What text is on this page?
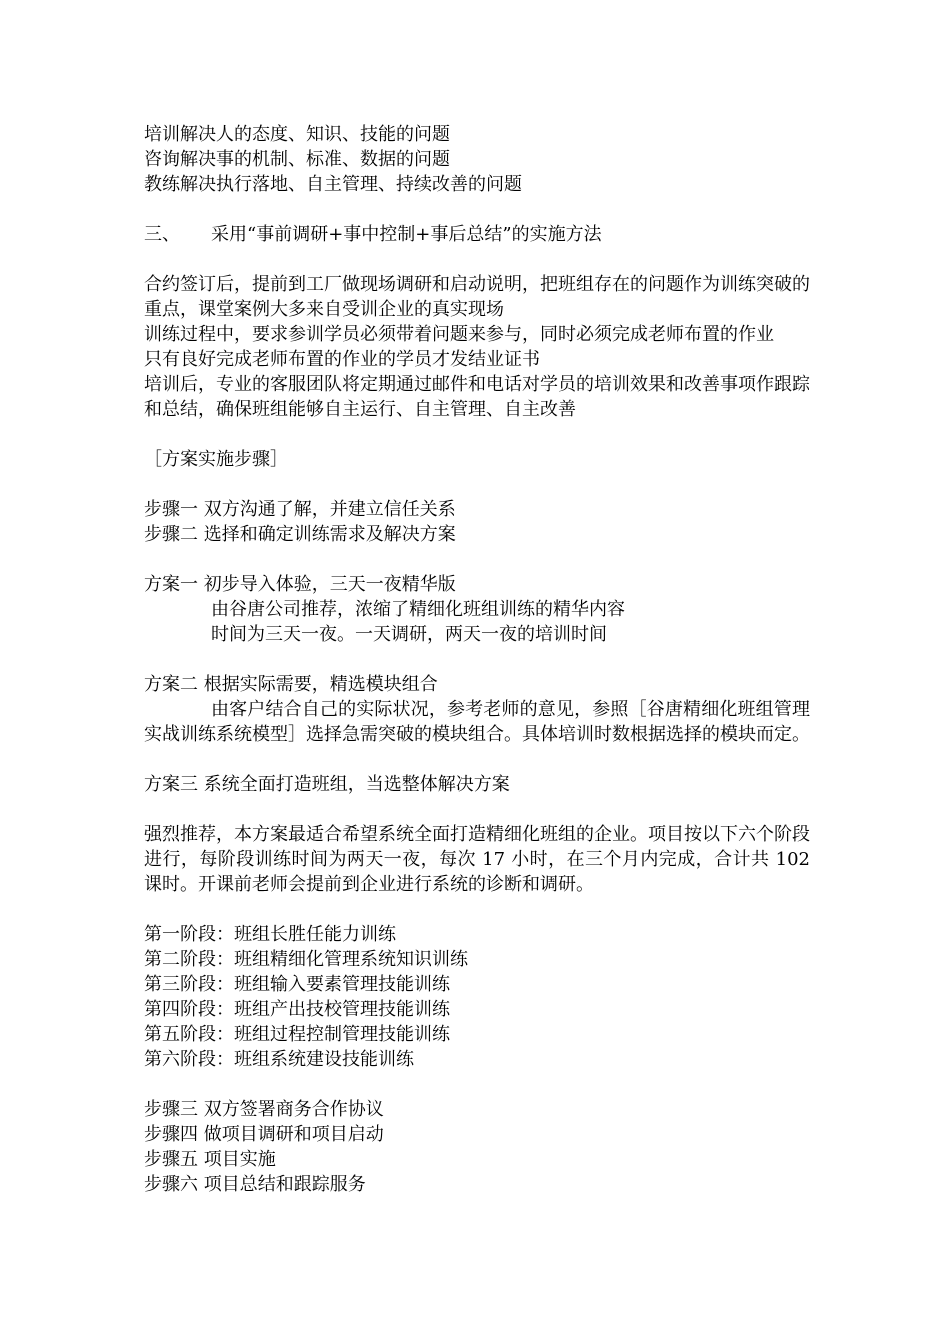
培训解决人的态度、知识、技能的问题
咨询解决事的机制、标准、数据的问题
教练解决执行落地、自主管理、持续改善的问题
三、 采用“事前调研+事中控制+事后总结”的实施方法
合约签订后，提前到工厂做现场调研和启动说明，把班组存在的问题作为训练突破的重点，课堂案例大多来自受训企业的真实现场
训练过程中，要求参训学员必须带着问题来参与，同时必须完成老师布置的作业
只有良好完成老师布置的作业的学员才发结业证书
培训后，专业的客服团队将定期通过邮件和电话对学员的培训效果和改善事项作跟踪和总结，确保班组能够自主运行、自主管理、自主改善
［方案实施步骤］
步骤一 双方沟通了解，并建立信任关系
步骤二 选择和确定训练需求及解决方案
方案一 初步导入体验，三天一夜精华版
由谷唐公司推荐，浓缩了精细化班组训练的精华内容
时间为三天一夜。一天调研，两天一夜的培训时间
方案二 根据实际需要，精选模块组合
由客户结合自己的实际状况，参考老师的意见，参照［谷唐精细化班组管理实战训练系统模型］选择急需突破的模块组合。具体培训时数根据选择的模块而定。
方案三 系统全面打造班组，当选整体解决方案
强烈推荐，本方案最适合希望系统全面打造精细化班组的企业。项目按以下六个阶段进行，每阶段训练时间为两天一夜，每次 17 小时，在三个月内完成，合计共 102 课时。开课前老师会提前到企业进行系统的诊断和调研。
第一阶段：班组长胜任能力训练
第二阶段：班组精细化管理系统知识训练
第三阶段：班组输入要素管理技能训练
第四阶段：班组产出技校管理技能训练
第五阶段：班组过程控制管理技能训练
第六阶段：班组系统建设技能训练
步骤三 双方签署商务合作协议
步骤四 做项目调研和项目启动
步骤五 项目实施
步骤六 项目总结和跟踪服务
